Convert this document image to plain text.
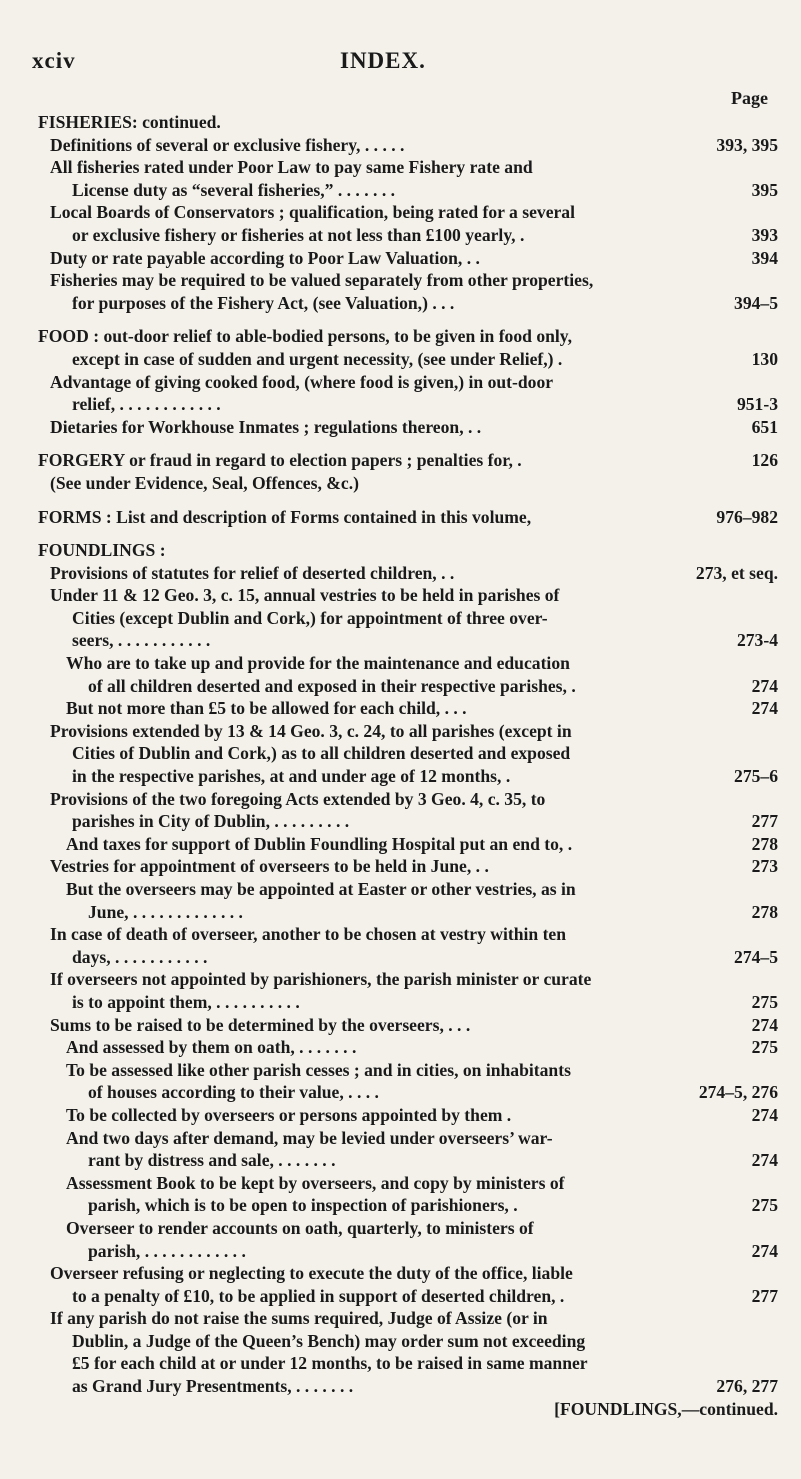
xciv	INDEX.
Page
FISHERIES: continued.
Definitions of several or exclusive fishery, . . . . .	393, 395
All fisheries rated under Poor Law to pay same Fishery rate and
License duty as “several fisheries,” . . . . . . .	395
Local Boards of Conservators ; qualification, being rated for a several
or exclusive fishery or fisheries at not less than £100 yearly, .	393
Duty or rate payable according to Poor Law Valuation, . .	394
Fisheries may be required to be valued separately from other properties,
for purposes of the Fishery Act, (see Valuation,) . . .	394–5
FOOD : out-door relief to able-bodied persons, to be given in food only,
except in case of sudden and urgent necessity, (see under Relief,) .	130
Advantage of giving cooked food, (where food is given,) in out-door
relief, . . . . . . . . . . . .	951-3
Dietaries for Workhouse Inmates ; regulations thereon, . .	651
FORGERY or fraud in regard to election papers ; penalties for, .	126
(See under Evidence, Seal, Offences, &c.)
FORMS : List and description of Forms contained in this volume,	976–982
FOUNDLINGS :
Provisions of statutes for relief of deserted children, . .	273, et seq.
Under 11 & 12 Geo. 3, c. 15, annual vestries to be held in parishes of
Cities (except Dublin and Cork,) for appointment of three over-
seers, . . . . . . . . . . .	273-4
Who are to take up and provide for the maintenance and education
of all children deserted and exposed in their respective parishes, .	274
But not more than £5 to be allowed for each child, . . .	274
Provisions extended by 13 & 14 Geo. 3, c. 24, to all parishes (except in
Cities of Dublin and Cork,) as to all children deserted and exposed
in the respective parishes, at and under age of 12 months, .	275–6
Provisions of the two foregoing Acts extended by 3 Geo. 4, c. 35, to
parishes in City of Dublin, . . . . . . . . .	277
And taxes for support of Dublin Foundling Hospital put an end to, .	278
Vestries for appointment of overseers to be held in June, . .	273
But the overseers may be appointed at Easter or other vestries, as in
June, . . . . . . . . . . . . .	278
In case of death of overseer, another to be chosen at vestry within ten
days, . . . . . . . . . . .	274–5
If overseers not appointed by parishioners, the parish minister or curate
is to appoint them, . . . . . . . . . .	275
Sums to be raised to be determined by the overseers, . . .	274
And assessed by them on oath, . . . . . . .	275
To be assessed like other parish cesses ; and in cities, on inhabitants
of houses according to their value, . . . .	274–5, 276
To be collected by overseers or persons appointed by them .	274
And two days after demand, may be levied under overseers’ war-
rant by distress and sale, . . . . . . .	274
Assessment Book to be kept by overseers, and copy by ministers of
parish, which is to be open to inspection of parishioners, .	275
Overseer to render accounts on oath, quarterly, to ministers of
parish, . . . . . . . . . . . .	274
Overseer refusing or neglecting to execute the duty of the office, liable
to a penalty of £10, to be applied in support of deserted children, .	277
If any parish do not raise the sums required, Judge of Assize (or in
Dublin, a Judge of the Queen’s Bench) may order sum not exceeding
£5 for each child at or under 12 months, to be raised in same manner
as Grand Jury Presentments, . . . . . . .	276, 277
[FOUNDLINGS,—continued.
